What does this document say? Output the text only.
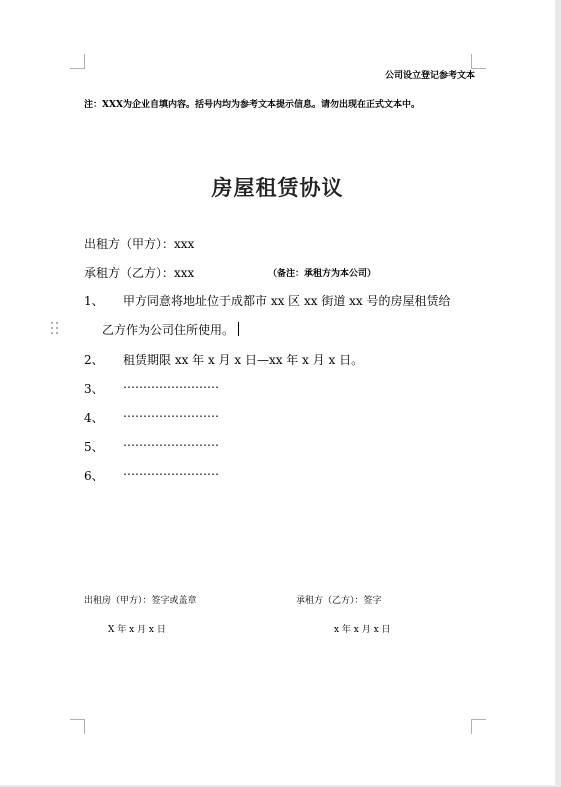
公司设立登记参考文本
注：XXX为企业自填内容。括号内均为参考文本提示信息。请勿出现在正式文本中。
房屋租赁协议
出租方（甲方）：xxx
承租方（乙方）：xxx	（备注：承租方为本公司）
1、 甲方同意将地址位于成都市 xx 区 xx 街道 xx 号的房屋租赁给
乙方作为公司住所使用。
2、 租赁期限 xx 年 x 月 x 日—xx 年 x 月 x 日。
3、 ……………………
4、 ……………………
5、 ……………………
6、 ……………………
出租房（甲方）：签字或盖章	承租方（乙方）：签字
X 年 x 月 x 日	x 年 x 月 x 日
